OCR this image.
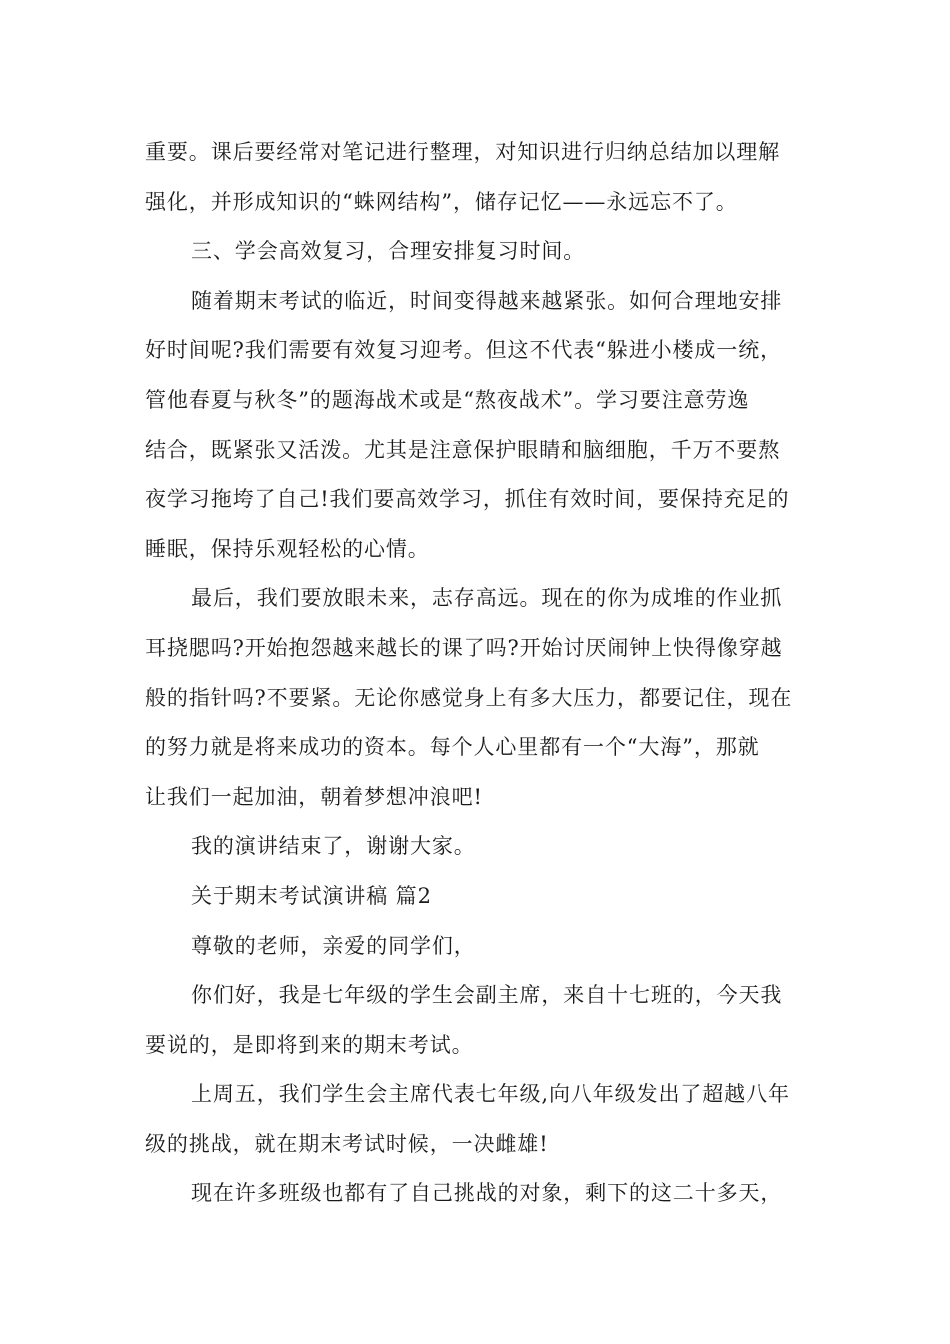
重要。课后要经常对笔记进行整理，对知识进行归纳总结加以理解
强化，并形成知识的“蛛网结构”，储存记忆——永远忘不了。
三、学会高效复习，合理安排复习时间。
随着期末考试的临近，时间变得越来越紧张。如何合理地安排
好时间呢?我们需要有效复习迎考。但这不代表“躲进小楼成一统，
管他春夏与秋冬”的题海战术或是“熬夜战术”。学习要注意劳逸
结合，既紧张又活泼。尤其是注意保护眼睛和脑细胞，千万不要熬
夜学习拖垮了自己!我们要高效学习，抓住有效时间，要保持充足的
睡眠，保持乐观轻松的心情。
最后，我们要放眼未来，志存高远。现在的你为成堆的作业抓
耳挠腮吗?开始抱怨越来越长的课了吗?开始讨厌闹钟上快得像穿越
般的指针吗?不要紧。无论你感觉身上有多大压力，都要记住，现在
的努力就是将来成功的资本。每个人心里都有一个“大海”，那就
让我们一起加油，朝着梦想冲浪吧!
我的演讲结束了，谢谢大家。
关于期末考试演讲稿 篇2
尊敬的老师，亲爱的同学们，
你们好，我是七年级的学生会副主席，来自十七班的，今天我
要说的，是即将到来的期末考试。
上周五，我们学生会主席代表七年级,向八年级发出了超越八年
级的挑战，就在期末考试时候，一决雌雄!
现在许多班级也都有了自己挑战的对象，剩下的这二十多天，
